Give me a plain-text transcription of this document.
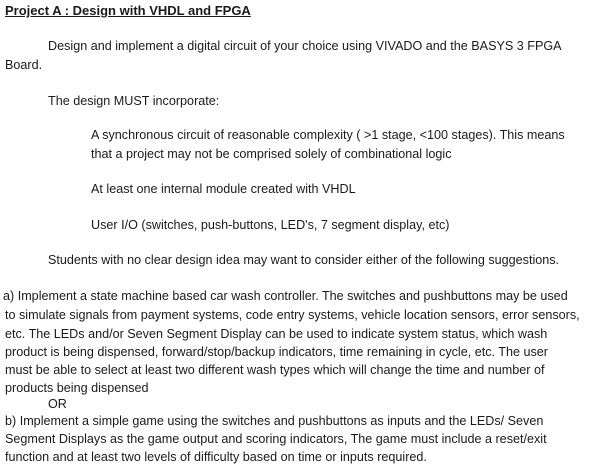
Project A : Design with VHDL and FPGA
Design and implement a digital circuit of your choice using VIVADO and the BASYS 3 FPGA
Board.
The design MUST incorporate:
A synchronous circuit of reasonable complexity ( >1 stage, <100 stages). This means
that a project may not be comprised solely of combinational logic
At least one internal module created with VHDL
User I/O (switches, push-buttons, LED's, 7 segment display, etc)
Students with no clear design idea may want to consider either of the following suggestions.
a) Implement a state machine based car wash controller. The switches and pushbuttons may be used
to simulate signals from payment systems, code entry systems, vehicle location sensors, error sensors,
etc. The LEDs and/or Seven Segment Display can be used to indicate system status, which wash
product is being dispensed, forward/stop/backup indicators, time remaining in cycle, etc. The user
must be able to select at least two different wash types which will change the time and number of
products being dispensed
OR
b) Implement a simple game using the switches and pushbuttons as inputs and the LEDs/ Seven
Segment Displays as the game output and scoring indicators, The game must include a reset/exit
function and at least two levels of difficulty based on time or inputs required.
